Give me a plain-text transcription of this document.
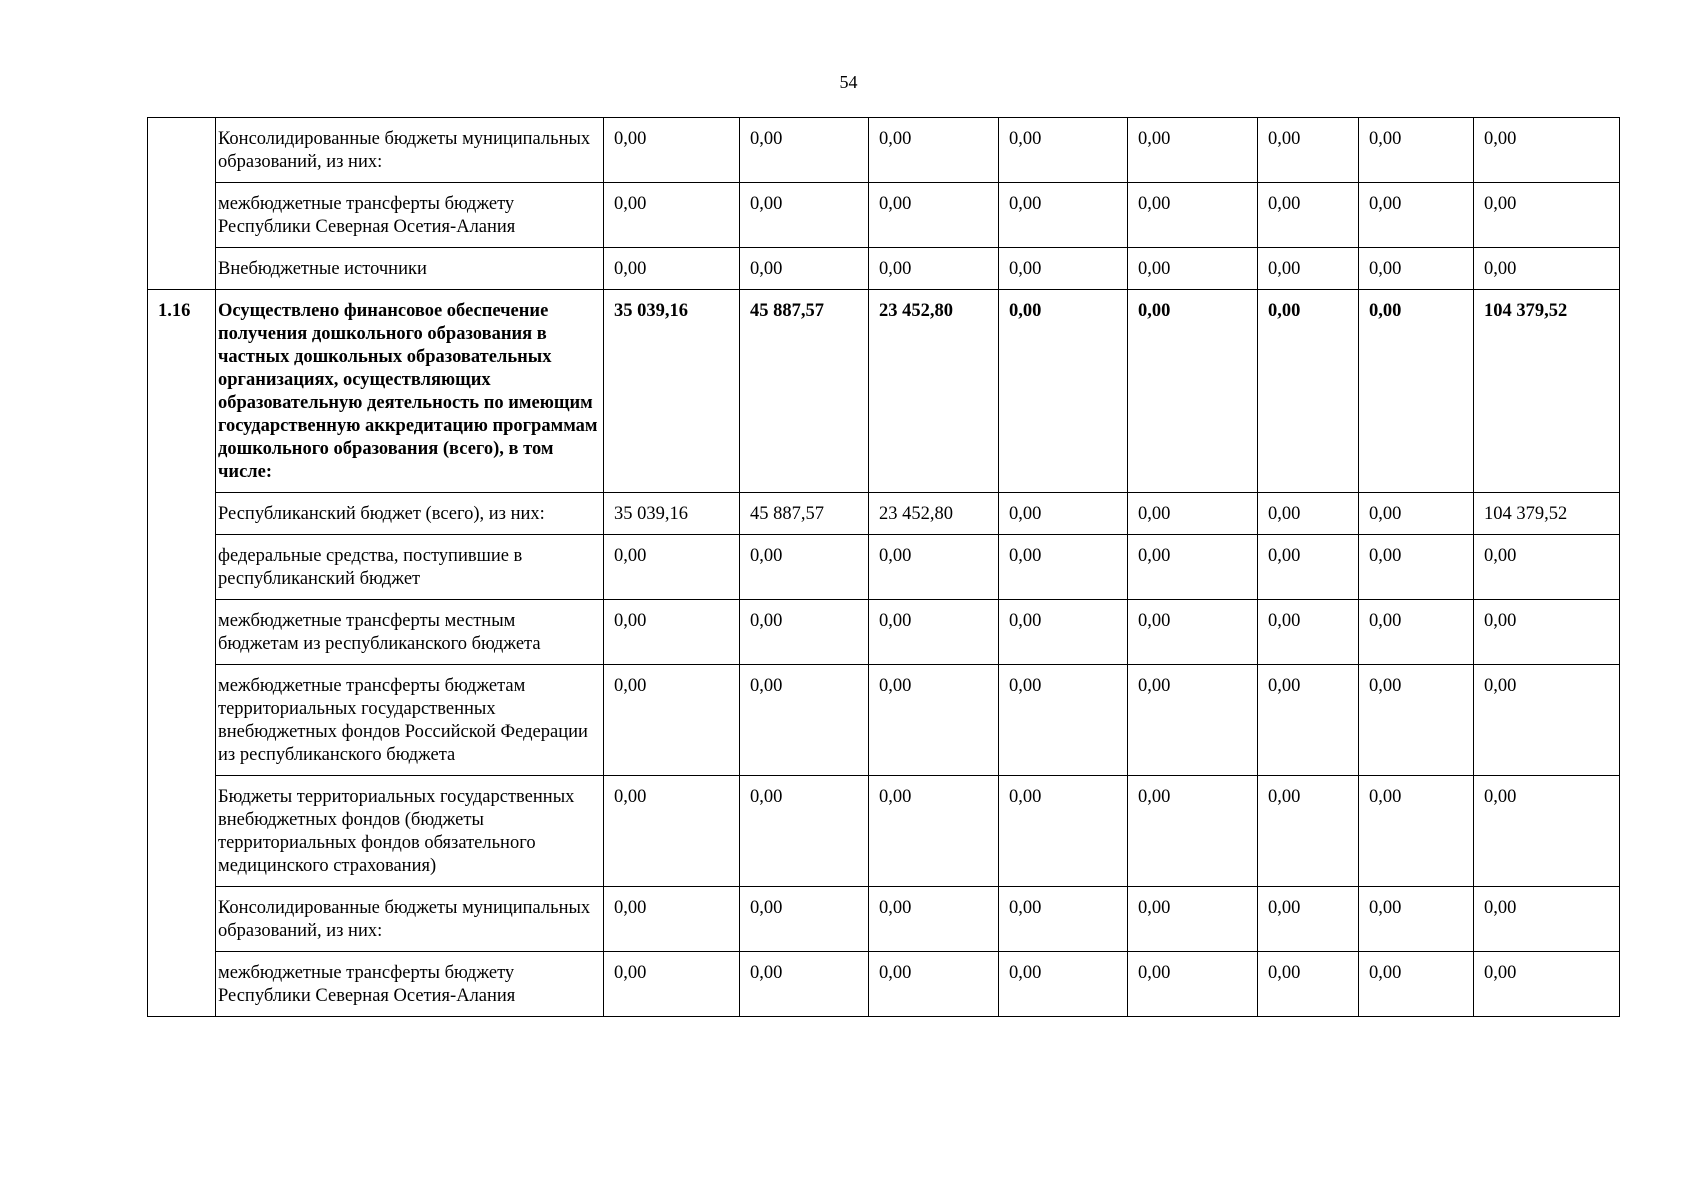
54
	Консолидированные бюджеты муниципальных образований, из них:	0,00	0,00	0,00	0,00	0,00	0,00	0,00	0,00
	межбюджетные трансферты бюджету Республики Северная Осетия-Алания	0,00	0,00	0,00	0,00	0,00	0,00	0,00	0,00
	Внебюджетные источники	0,00	0,00	0,00	0,00	0,00	0,00	0,00	0,00
1.16	Осуществлено финансовое обеспечение получения дошкольного образования в частных дошкольных образовательных организациях, осуществляющих образовательную деятельность по имеющим государственную аккредитацию программам дошкольного образования (всего), в том числе:	35 039,16	45 887,57	23 452,80	0,00	0,00	0,00	0,00	104 379,52
	Республиканский бюджет (всего), из них:	35 039,16	45 887,57	23 452,80	0,00	0,00	0,00	0,00	104 379,52
	федеральные средства, поступившие в республиканский бюджет	0,00	0,00	0,00	0,00	0,00	0,00	0,00	0,00
	межбюджетные трансферты местным бюджетам из республиканского бюджета	0,00	0,00	0,00	0,00	0,00	0,00	0,00	0,00
	межбюджетные трансферты бюджетам территориальных государственных внебюджетных фондов Российской Федерации из республиканского бюджета	0,00	0,00	0,00	0,00	0,00	0,00	0,00	0,00
	Бюджеты территориальных государственных внебюджетных фондов (бюджеты территориальных фондов обязательного медицинского страхования)	0,00	0,00	0,00	0,00	0,00	0,00	0,00	0,00
	Консолидированные бюджеты муниципальных образований, из них:	0,00	0,00	0,00	0,00	0,00	0,00	0,00	0,00
	межбюджетные трансферты бюджету Республики Северная Осетия-Алания	0,00	0,00	0,00	0,00	0,00	0,00	0,00	0,00
